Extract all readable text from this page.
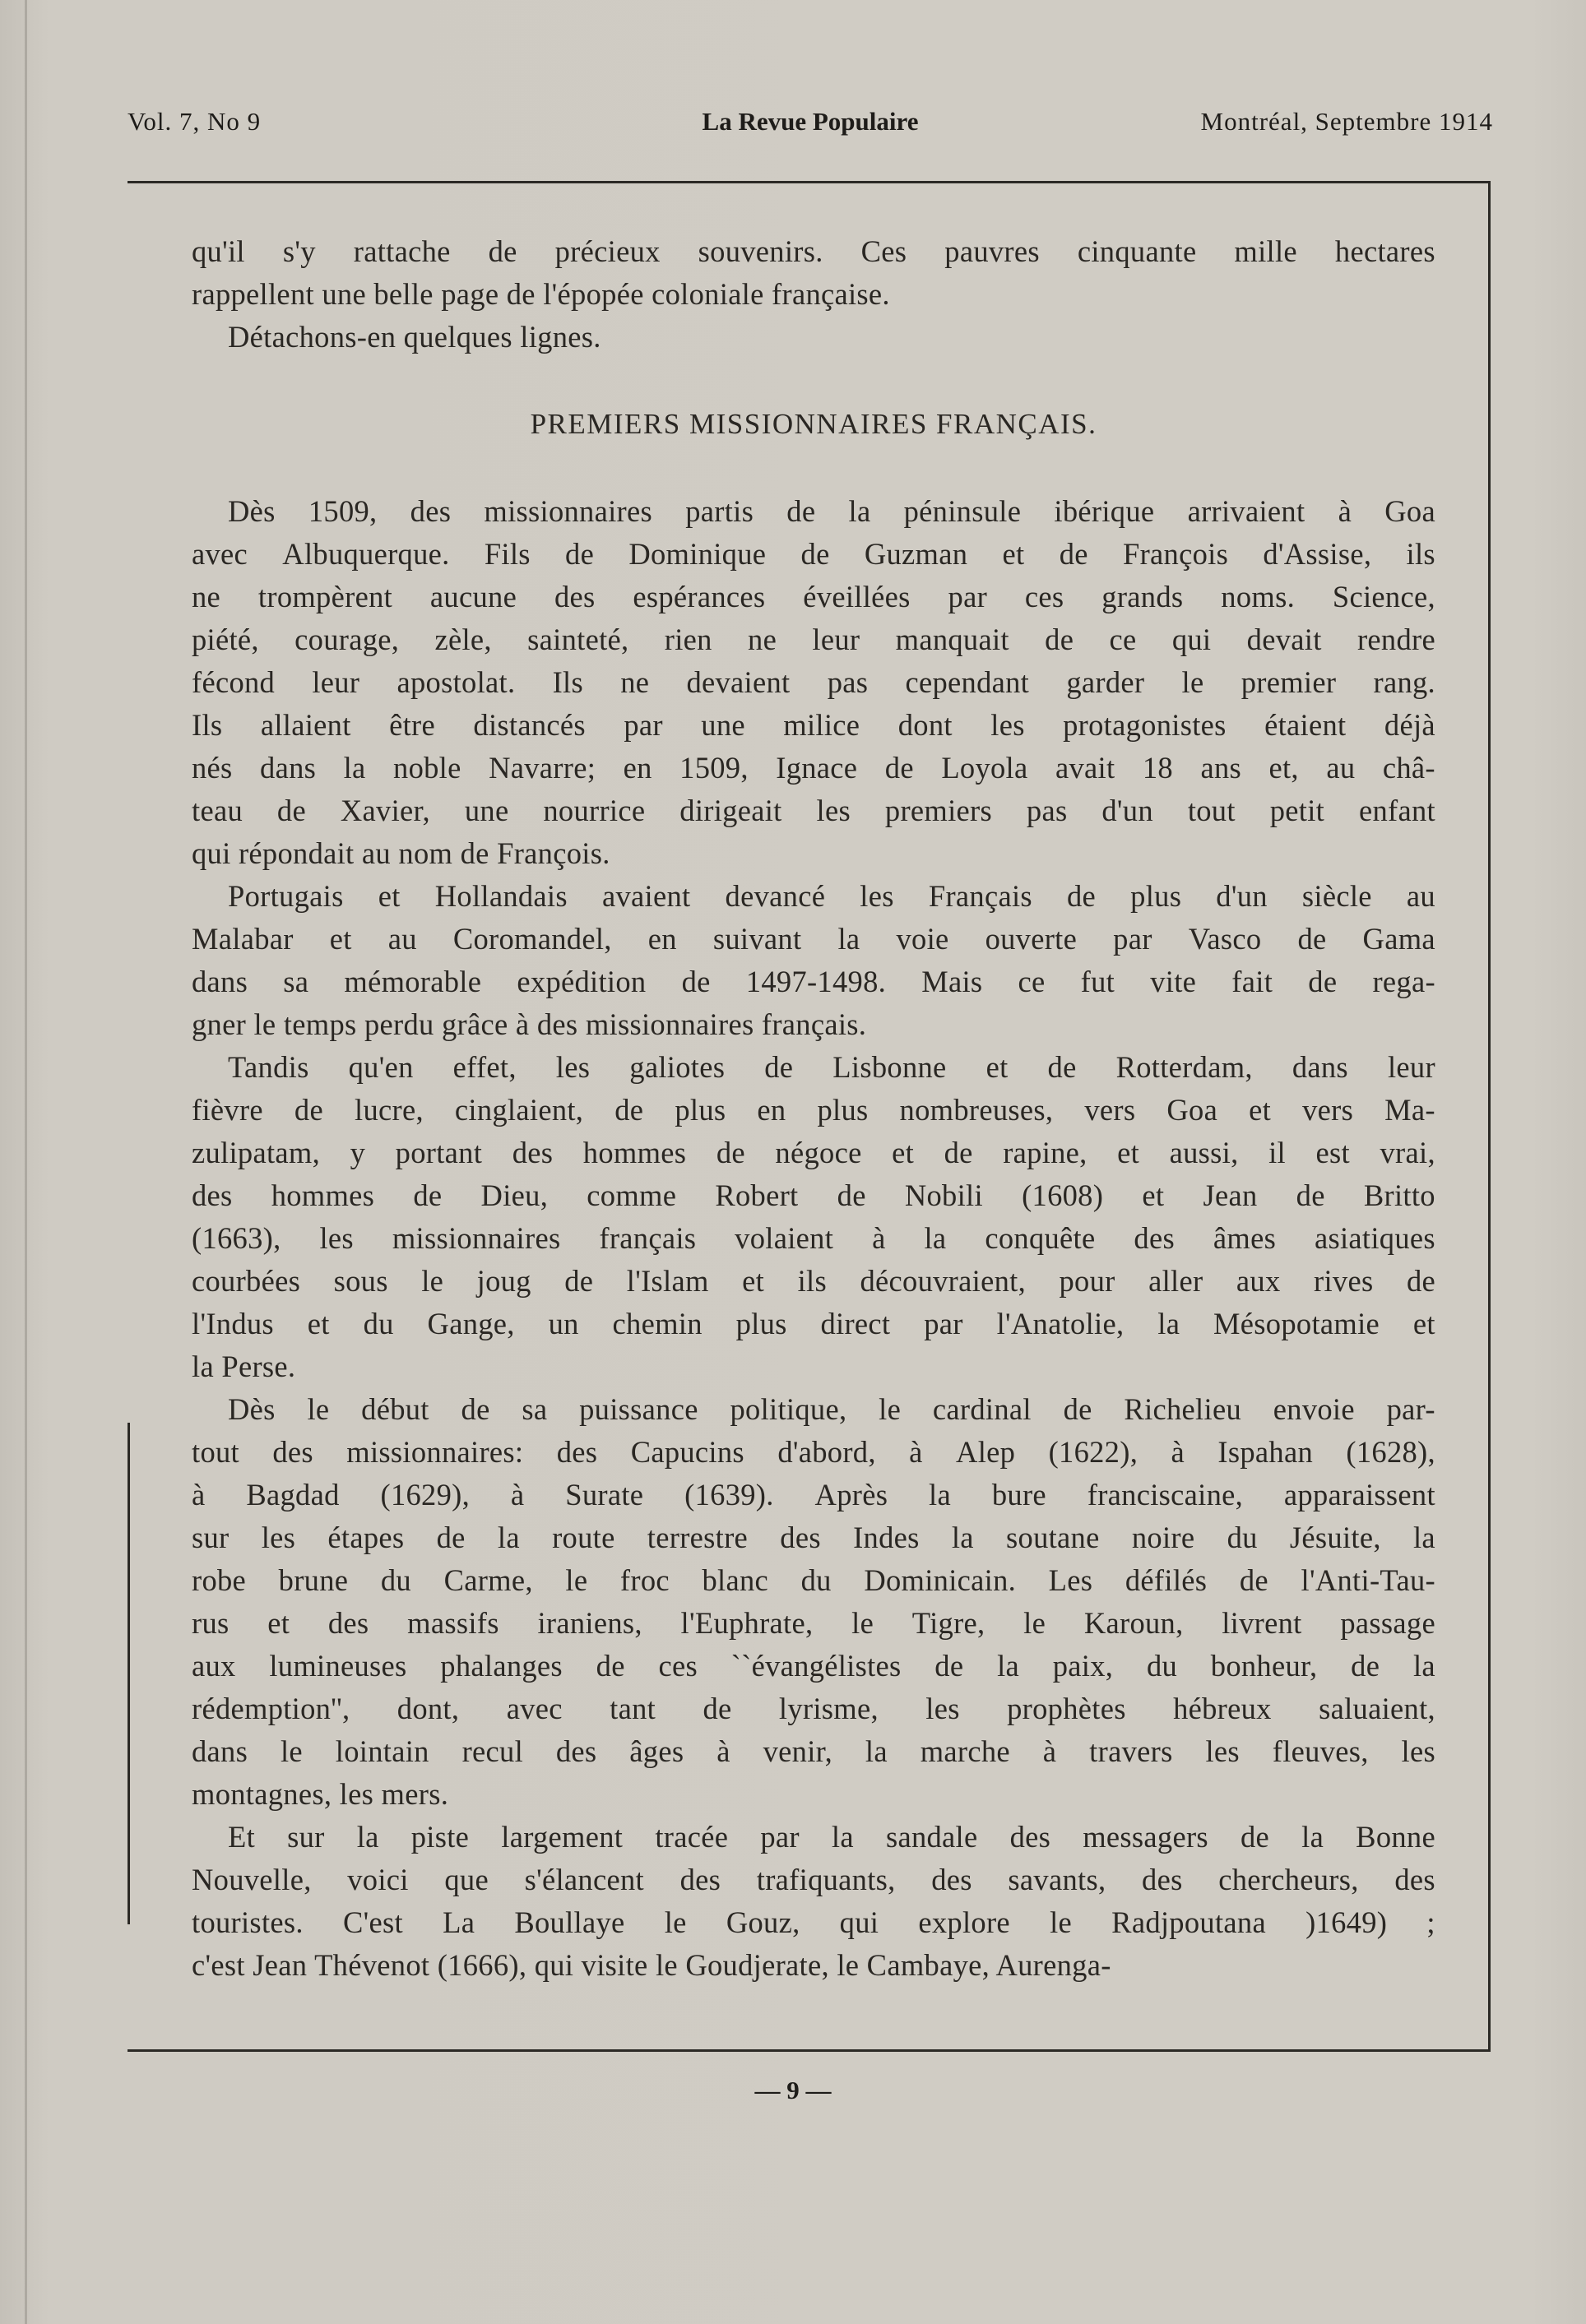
Vol. 7, No 9	La Revue Populaire	Montréal, Septembre 1914
qu'il s'y rattache de précieux souvenirs. Ces pauvres cinquante mille hectares
rappellent une belle page de l'épopée coloniale française.
Détachons-en quelques lignes.
PREMIERS MISSIONNAIRES FRANÇAIS.
Dès 1509, des missionnaires partis de la péninsule ibérique arrivaient à Goa
avec Albuquerque. Fils de Dominique de Guzman et de François d'Assise, ils
ne trompèrent aucune des espérances éveillées par ces grands noms. Science,
piété, courage, zèle, sainteté, rien ne leur manquait de ce qui devait rendre
fécond leur apostolat. Ils ne devaient pas cependant garder le premier rang.
Ils allaient être distancés par une milice dont les protagonistes étaient déjà
nés dans la noble Navarre; en 1509, Ignace de Loyola avait 18 ans et, au châ-
teau de Xavier, une nourrice dirigeait les premiers pas d'un tout petit enfant
qui répondait au nom de François.
Portugais et Hollandais avaient devancé les Français de plus d'un siècle au
Malabar et au Coromandel, en suivant la voie ouverte par Vasco de Gama
dans sa mémorable expédition de 1497-1498. Mais ce fut vite fait de rega-
gner le temps perdu grâce à des missionnaires français.
Tandis qu'en effet, les galiotes de Lisbonne et de Rotterdam, dans leur
fièvre de lucre, cinglaient, de plus en plus nombreuses, vers Goa et vers Ma-
zulipatam, y portant des hommes de négoce et de rapine, et aussi, il est vrai,
des hommes de Dieu, comme Robert de Nobili (1608) et Jean de Britto
(1663), les missionnaires français volaient à la conquête des âmes asiatiques
courbées sous le joug de l'Islam et ils découvraient, pour aller aux rives de
l'Indus et du Gange, un chemin plus direct par l'Anatolie, la Mésopotamie et
la Perse.
Dès le début de sa puissance politique, le cardinal de Richelieu envoie par-
tout des missionnaires: des Capucins d'abord, à Alep (1622), à Ispahan (1628),
à Bagdad (1629), à Surate (1639). Après la bure franciscaine, apparaissent
sur les étapes de la route terrestre des Indes la soutane noire du Jésuite, la
robe brune du Carme, le froc blanc du Dominicain. Les défilés de l'Anti-Tau-
rus et des massifs iraniens, l'Euphrate, le Tigre, le Karoun, livrent passage
aux lumineuses phalanges de ces ``évangélistes de la paix, du bonheur, de la
rédemption'', dont, avec tant de lyrisme, les prophètes hébreux saluaient,
dans le lointain recul des âges à venir, la marche à travers les fleuves, les
montagnes, les mers.
Et sur la piste largement tracée par la sandale des messagers de la Bonne
Nouvelle, voici que s'élancent des trafiquants, des savants, des chercheurs, des
touristes. C'est La Boullaye le Gouz, qui explore le Radjpoutana )1649) ;
c'est Jean Thévenot (1666), qui visite le Goudjerate, le Cambaye, Aurenga-
— 9 —
